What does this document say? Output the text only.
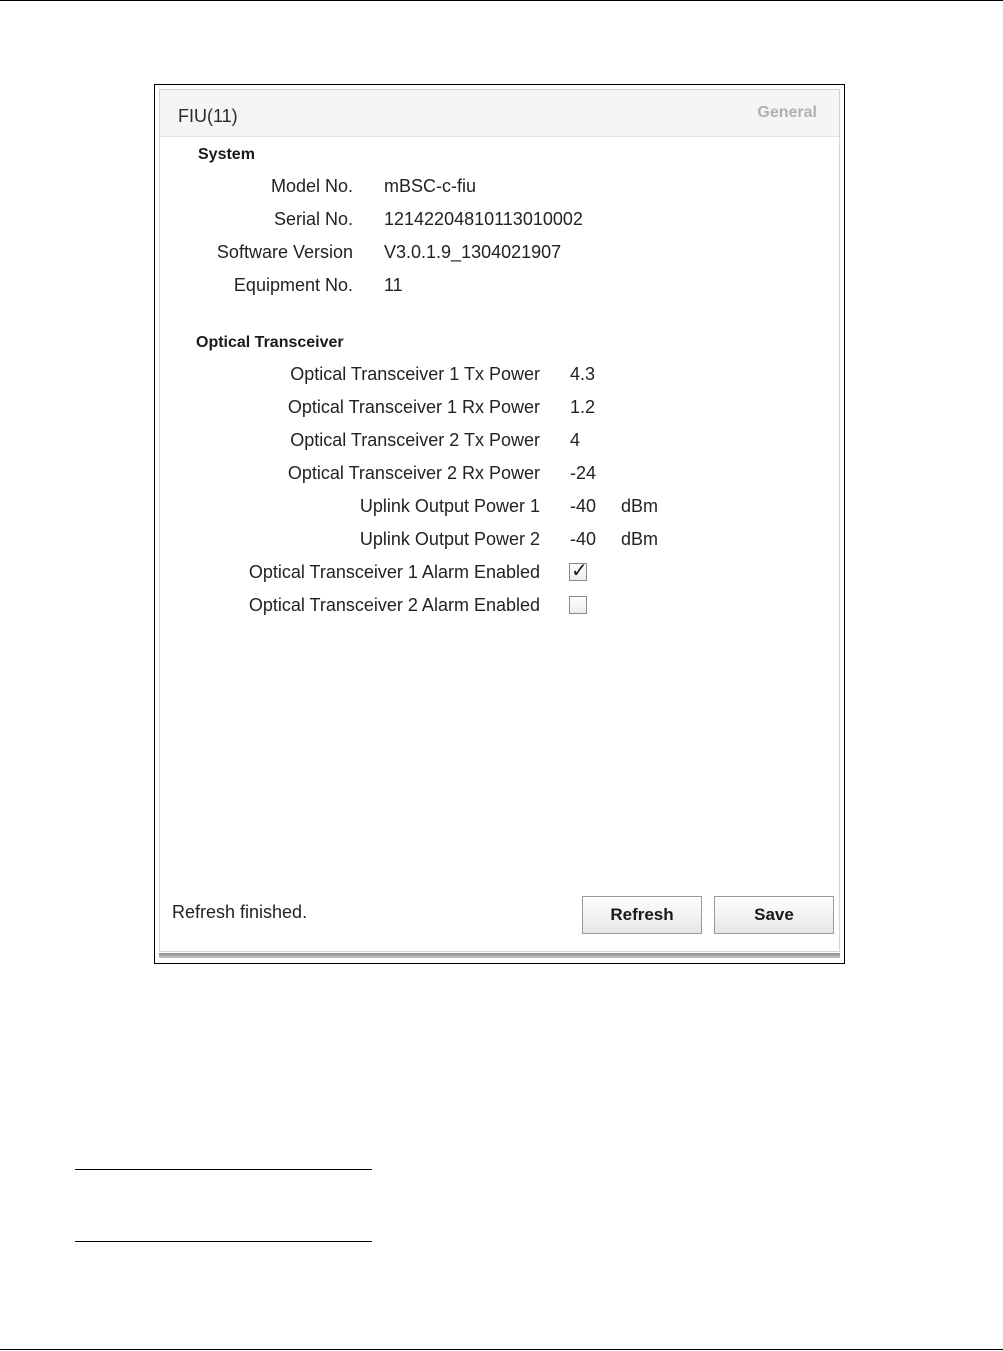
FIU(11)	General
System
Model No. mBSC-c-fiu
Serial No. 12142204810113010002
Software Version V3.0.1.9_1304021907
Equipment No. 11
Optical Transceiver
Optical Transceiver 1 Tx Power 4.3
Optical Transceiver 1 Rx Power 1.2
Optical Transceiver 2 Tx Power 4
Optical Transceiver 2 Rx Power -24
Uplink Output Power 1 -40 dBm
Uplink Output Power 2 -40 dBm
Optical Transceiver 1 Alarm Enabled ✓
Optical Transceiver 2 Alarm Enabled
Refresh finished.	Refresh	Save
